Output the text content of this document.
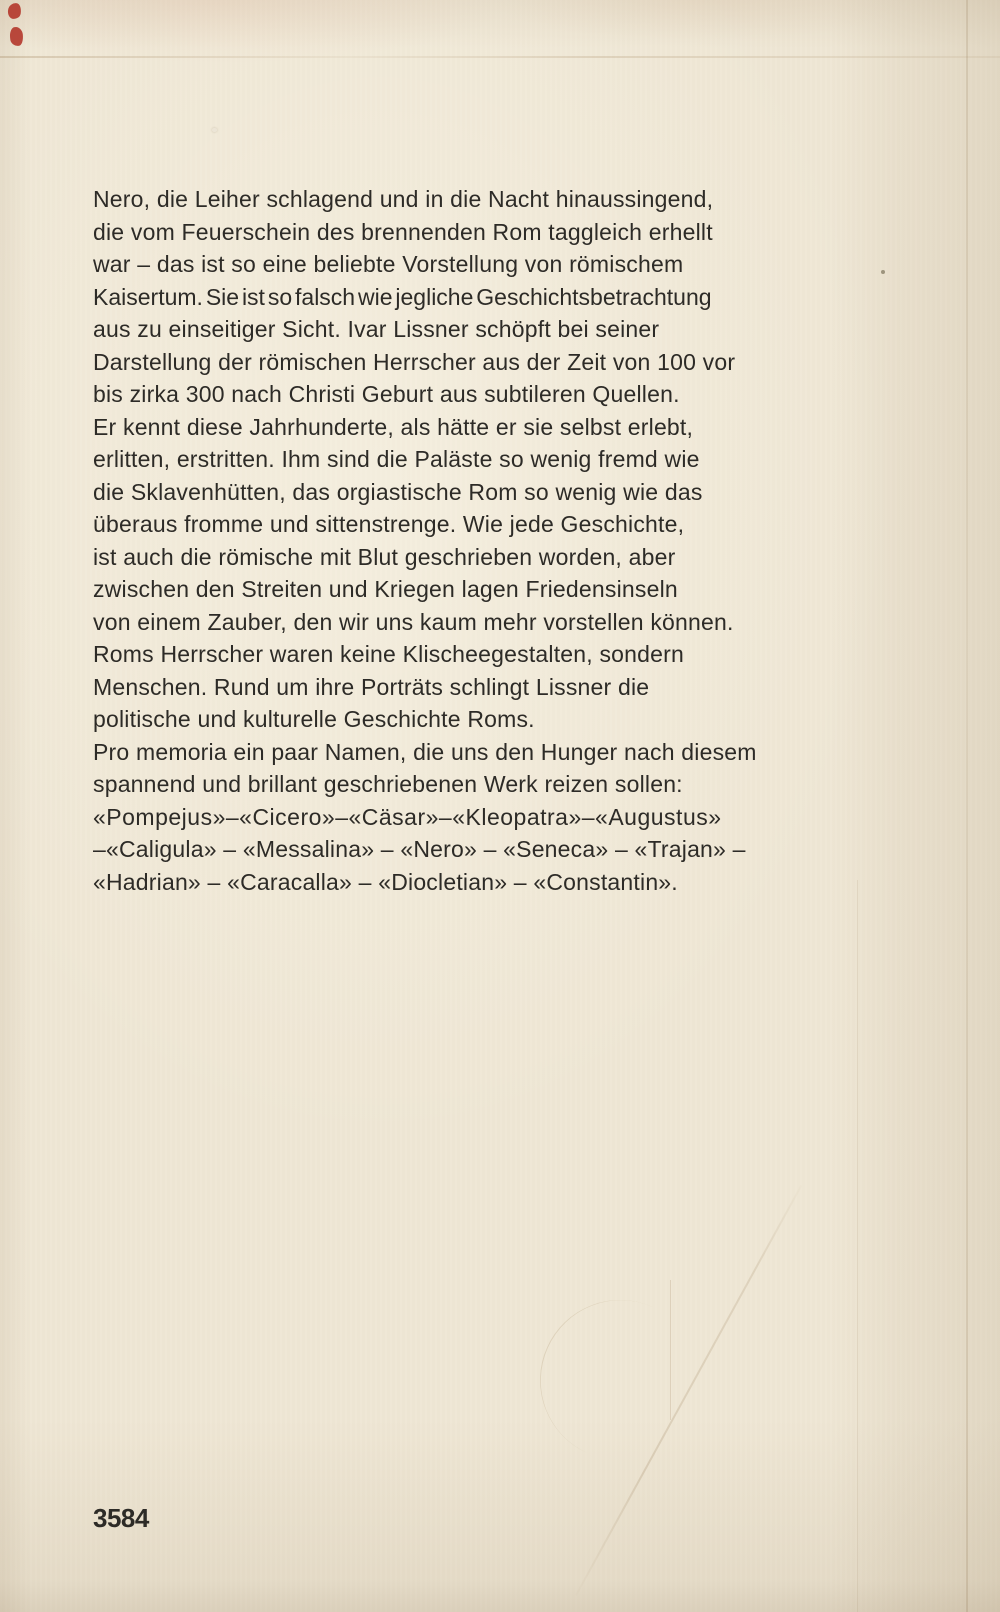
Nero, die Leiher schlagend und in die Nacht hinaussingend,
die vom Feuerschein des brennenden Rom taggleich erhellt
war – das ist so eine beliebte Vorstellung von römischem
Kaisertum. Sie ist so falsch wie jegliche Geschichtsbetrachtung
aus zu einseitiger Sicht. Ivar Lissner schöpft bei seiner
Darstellung der römischen Herrscher aus der Zeit von 100 vor
bis zirka 300 nach Christi Geburt aus subtileren Quellen.
Er kennt diese Jahrhunderte, als hätte er sie selbst erlebt,
erlitten, erstritten. Ihm sind die Paläste so wenig fremd wie
die Sklavenhütten, das orgiastische Rom so wenig wie das
überaus fromme und sittenstrenge. Wie jede Geschichte,
ist auch die römische mit Blut geschrieben worden, aber
zwischen den Streiten und Kriegen lagen Friedensinseln
von einem Zauber, den wir uns kaum mehr vorstellen können.
Roms Herrscher waren keine Klischeegestalten, sondern
Menschen. Rund um ihre Porträts schlingt Lissner die
politische und kulturelle Geschichte Roms.
Pro memoria ein paar Namen, die uns den Hunger nach diesem
spannend und brillant geschriebenen Werk reizen sollen:
«Pompejus»–«Cicero»–«Cäsar»–«Kleopatra»–«Augustus»
–«Caligula» – «Messalina» – «Nero» – «Seneca» – «Trajan» –
«Hadrian» – «Caracalla» – «Diocletian» – «Constantin».
3584
